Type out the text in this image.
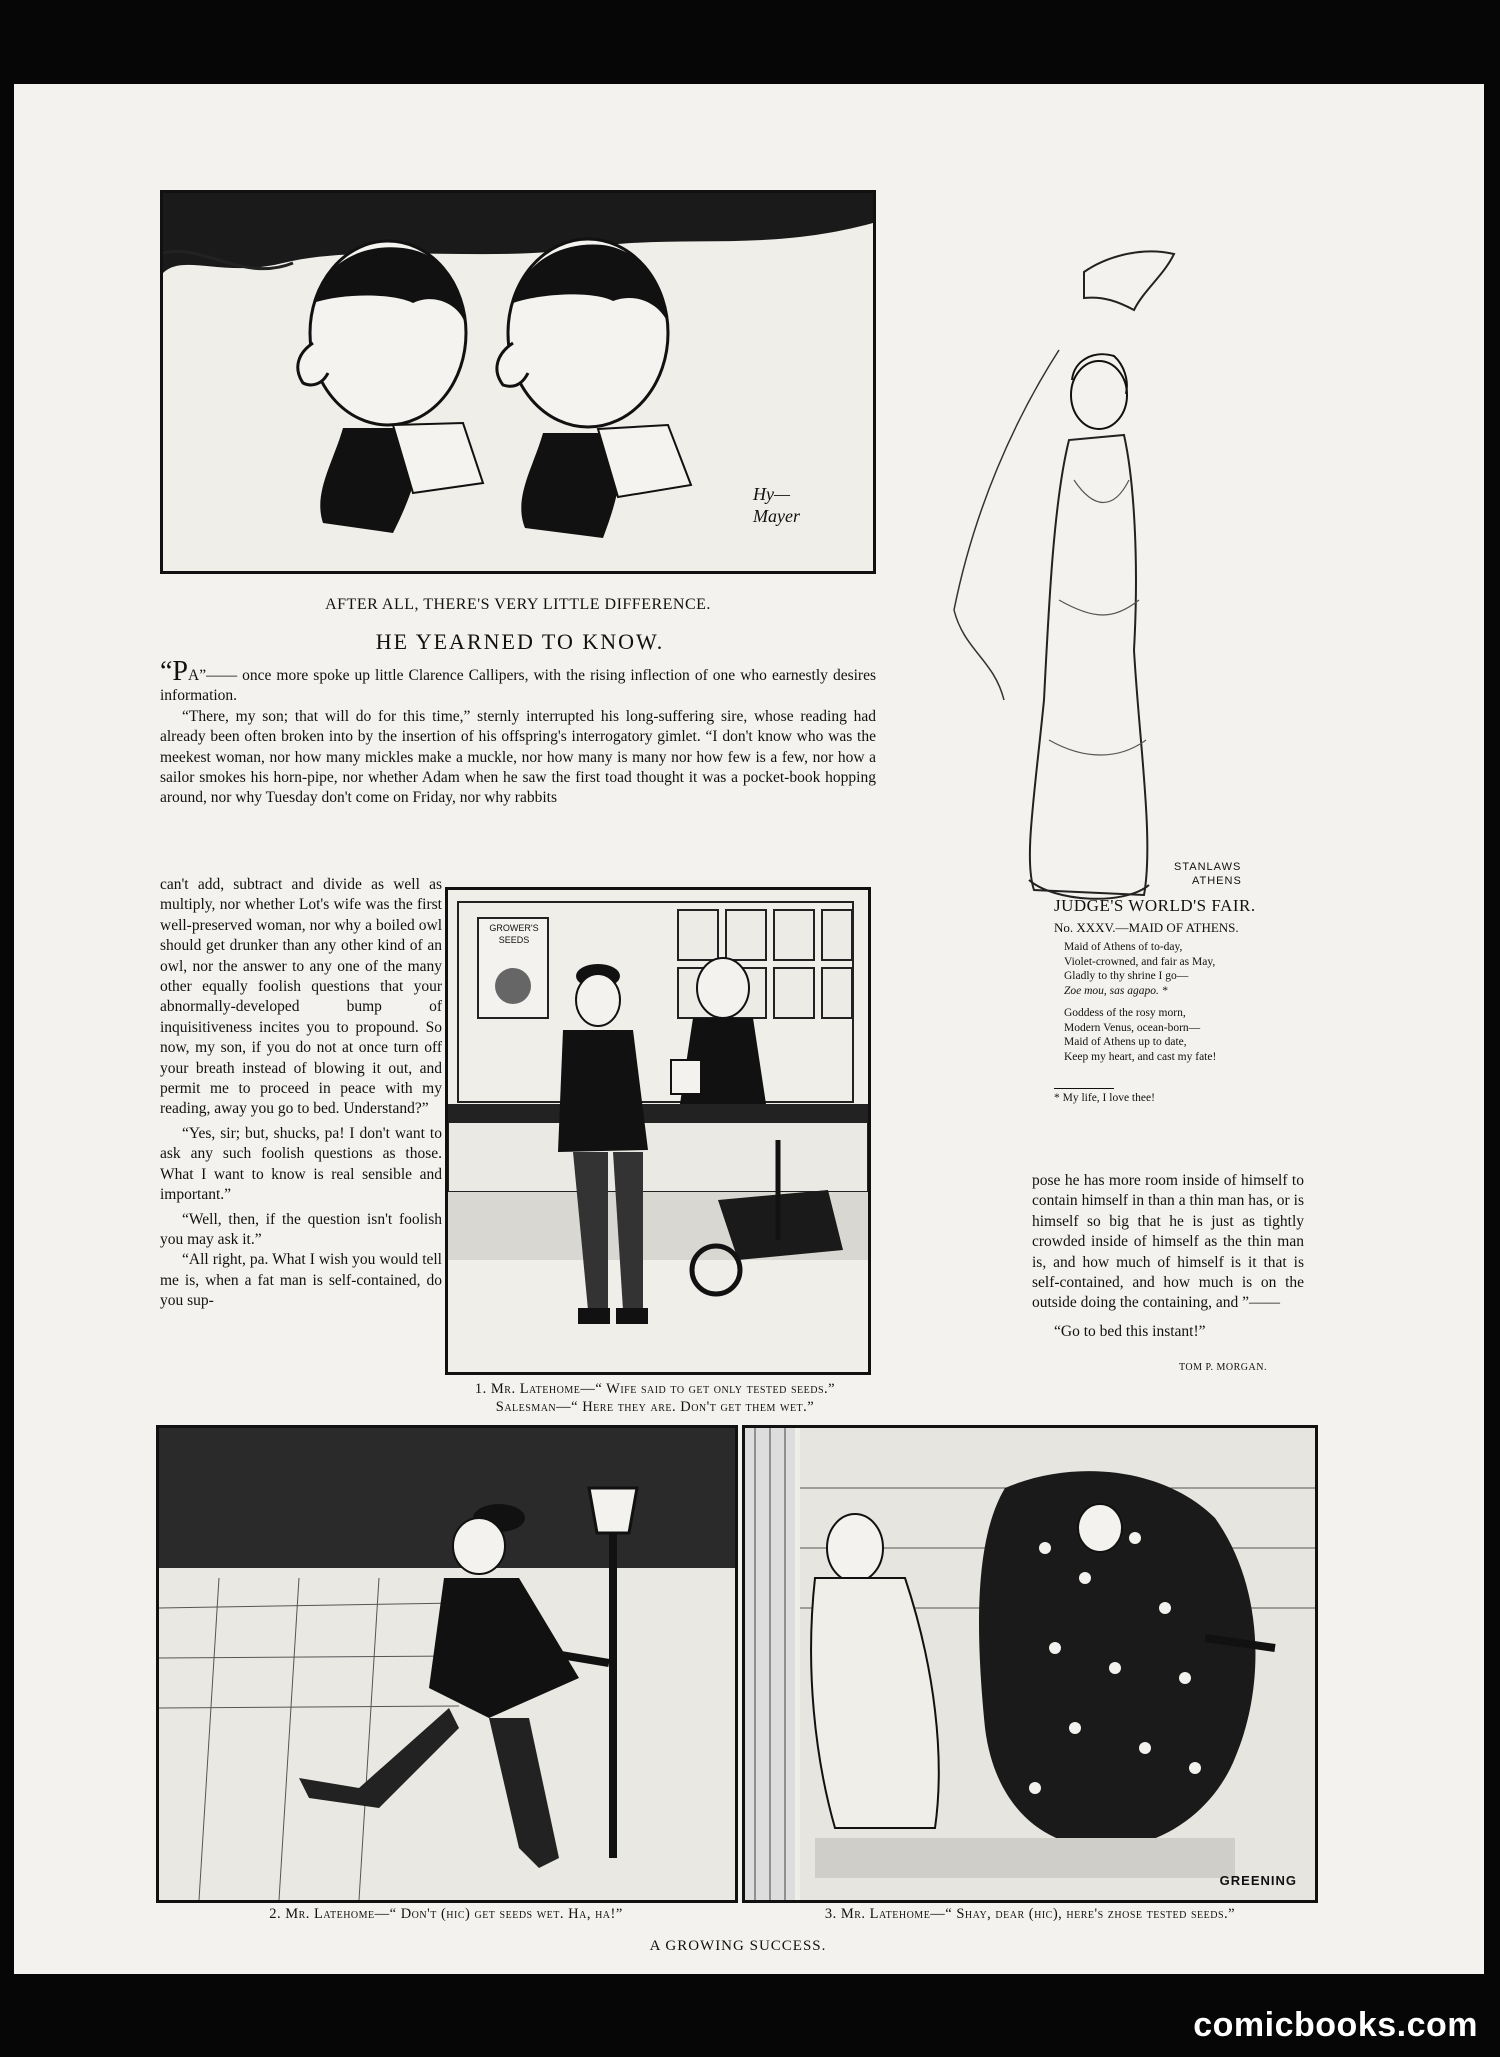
Hy—
Mayer
AFTER ALL, THERE'S VERY LITTLE DIFFERENCE.
HE YEARNED TO KNOW.

“PA”—— once more spoke up little Clarence Callipers, with the rising inflection of one who earnestly desires information.

“There, my son; that will do for this time,” sternly interrupted his long-suffering sire, whose reading had already been often broken into by the insertion of his offspring's interrogatory gimlet. “I don't know who was the meekest woman, nor how many mickles make a muckle, nor how many is many nor how few is a few, nor how a sailor smokes his horn-pipe, nor whether Adam when he saw the first toad thought it was a pocket-book hopping around, nor why Tuesday don't come on Friday, nor why rabbits

can't add, subtract and divide as well as multiply, nor whether Lot's wife was the first well-preserved woman, nor why a boiled owl should get drunker than any other kind of an owl, nor the answer to any one of the many other equally foolish questions that your abnormally-developed bump of inquisitiveness incites you to propound. So now, my son, if you do not at once turn off your breath instead of blowing it out, and permit me to proceed in peace with my reading, away you go to bed. Understand?”

“Yes, sir; but, shucks, pa! I don't want to ask any such foolish questions as those. What I want to know is real sensible and important.”

“Well, then, if the question isn't foolish you may ask it.”

“All right, pa. What I wish you would tell me is, when a fat man is self-contained, do you sup-

GROWER'S
SEEDS
1. Mr. Latehome—“ Wife said to get only tested seeds.”
Salesman—“ Here they are. Don't get them wet.”
STANLAWS
ATHENS
JUDGE'S WORLD'S FAIR.
No. XXXV.—MAID OF ATHENS.
Maid of Athens of to-day,
Violet-crowned, and fair as May,
Gladly to thy shrine I go—
Zoe mou, sas agapo. *
Goddess of the rosy morn,
Modern Venus, ocean-born—
Maid of Athens up to date,
Keep my heart, and cast my fate!
* My life, I love thee!

pose he has more room inside of himself to contain himself in than a thin man has, or is himself so big that he is just as tightly crowded inside of himself as the thin man is, and how much of himself is it that is self-contained, and how much is on the outside doing the containing, and ”——

“Go to bed this instant!”

TOM P. MORGAN.
2. Mr. Latehome—“ Don't (hic) get seeds wet. Ha, ha!”
GREENING
3. Mr. Latehome—“ Shay, dear (hic), here's zhose tested seeds.”
A GROWING SUCCESS.
comicbooks.com
